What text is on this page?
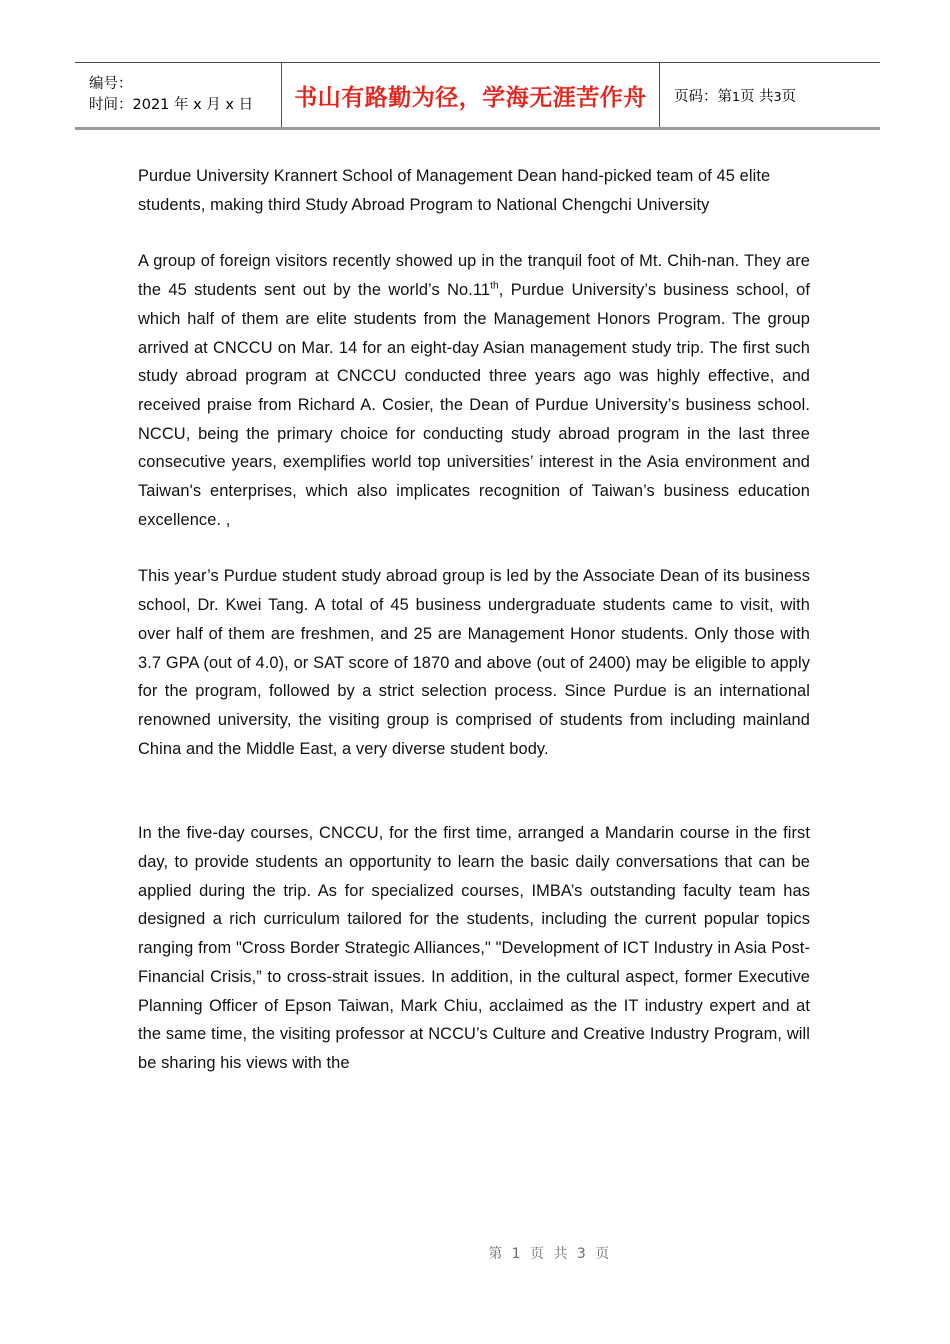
编号：
时间：2021 年 x 月 x 日	书山有路勤为径，学海无涯苦作舟 页码：第1页 共3页

Purdue University Krannert School of Management Dean hand-picked team of 45 elite students, making third Study Abroad Program to National Chengchi University

A group of foreign visitors recently showed up in the tranquil foot of Mt. Chih-nan. They are the 45 students sent out by the world’s No.11th, Purdue University’s business school, of which half of them are elite students from the Management Honors Program. The group arrived at CNCCU on Mar. 14 for an eight-day Asian management study trip. The first such study abroad program at CNCCU conducted three years ago was highly effective, and received praise from Richard A. Cosier, the Dean of Purdue University’s business school. NCCU, being the primary choice for conducting study abroad program in the last three consecutive years, exemplifies world top universities’ interest in the Asia environment and Taiwan's enterprises, which also implicates recognition of Taiwan’s business education excellence. ,

This year’s Purdue student study abroad group is led by the Associate Dean of its business school, Dr. Kwei Tang. A total of 45 business undergraduate students came to visit, with over half of them are freshmen, and 25 are Management Honor students. Only those with 3.7 GPA (out of 4.0), or SAT score of 1870 and above (out of 2400) may be eligible to apply for the program, followed by a strict selection process. Since Purdue is an international renowned university, the visiting group is comprised of students from including mainland China and the Middle East, a very diverse student body.

In the five-day courses, CNCCU, for the first time, arranged a Mandarin course in the first day, to provide students an opportunity to learn the basic daily conversations that can be applied during the trip. As for specialized courses, IMBA’s outstanding faculty team has designed a rich curriculum tailored for the students, including the current popular topics ranging from "Cross Border Strategic Alliances," "Development of ICT Industry in Asia Post-Financial Crisis,” to cross-strait issues. In addition, in the cultural aspect, former Executive Planning Officer of Epson Taiwan, Mark Chiu, acclaimed as the IT industry expert and at the same time, the visiting professor at NCCU’s Culture and Creative Industry Program, will be sharing his views with the

第 1 页 共 3 页
